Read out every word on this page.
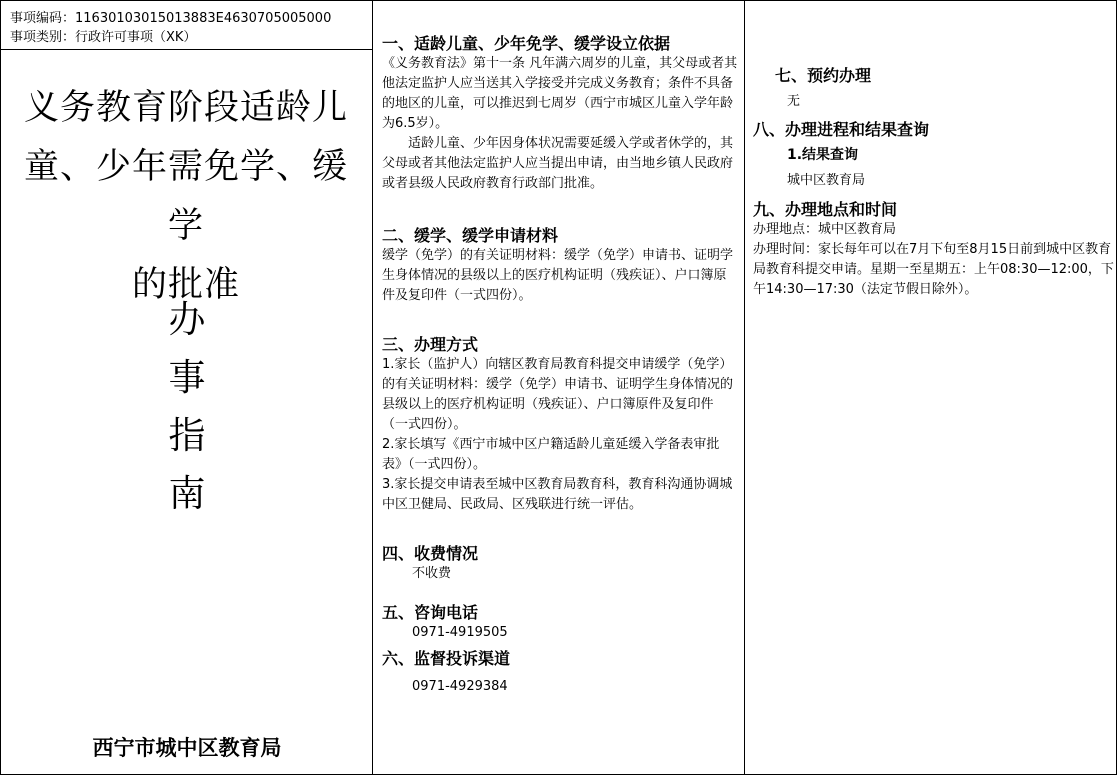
事项编码：11630103015013883E4630705005000
事项类别：行政许可事项（XK）
义务教育阶段适龄儿
童、少年需免学、缓学
的批准
办
事
指
南
西宁市城中区教育局
一、适龄儿童、少年免学、缓学设立依据
《义务教育法》第十一条 凡年满六周岁的儿童，其父母或者其他法定监护人应当送其入学接受并完成义务教育；条件不具备的地区的儿童，可以推迟到七周岁（西宁市城区儿童入学年龄为6.5岁）。
适龄儿童、少年因身体状况需要延缓入学或者休学的，其父母或者其他法定监护人应当提出申请，由当地乡镇人民政府或者县级人民政府教育行政部门批准。
二、缓学、缓学申请材料
缓学（免学）的有关证明材料：缓学（免学）申请书、证明学生身体情况的县级以上的医疗机构证明（残疾证）、户口簿原件及复印件（一式四份）。
三、办理方式
1.家长（监护人）向辖区教育局教育科提交申请缓学（免学）的有关证明材料：缓学（免学）申请书、证明学生身体情况的县级以上的医疗机构证明（残疾证）、户口簿原件及复印件（一式四份）。
2.家长填写《西宁市城中区户籍适龄儿童延缓入学备表审批表》（一式四份）。
3.家长提交申请表至城中区教育局教育科，教育科沟通协调城中区卫健局、民政局、区残联进行统一评估。
四、收费情况
不收费
五、咨询电话
0971-4919505
六、监督投诉渠道
0971-4929384
七、预约办理
无
八、办理进程和结果查询
1.结果查询
城中区教育局
九、办理地点和时间
办理地点：城中区教育局
办理时间：家长每年可以在7月下旬至8月15日前到城中区教育局教育科提交申请。星期一至星期五：上午08:30—12:00，下午14:30—17:30（法定节假日除外）。
